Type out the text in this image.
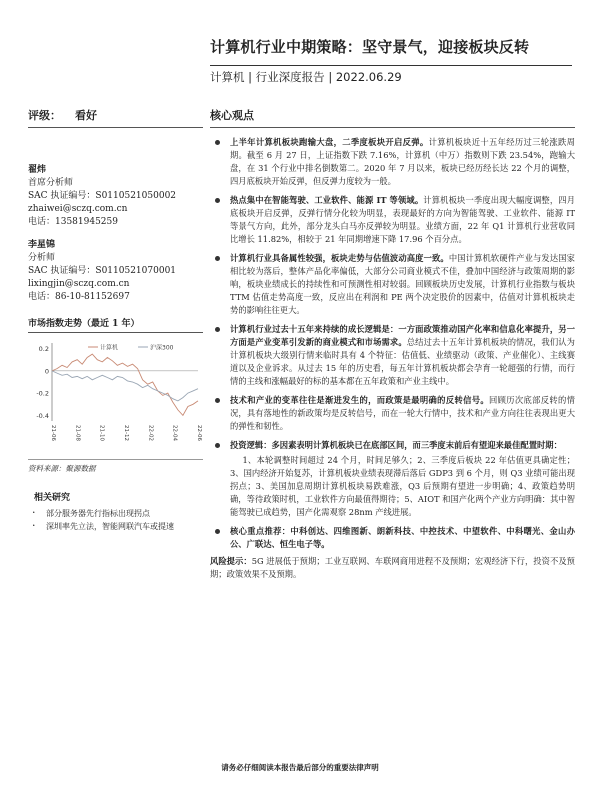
计算机行业中期策略：坚守景气，迎接板块反转
计算机 | 行业深度报告 | 2022.06.29
评级： 看好
翟炜
首席分析师
SAC 执证编号：S0110521050002
zhaiwei@sczq.com.cn
电话：13581945259
李星锦
分析师
SAC 执证编号：S0110521070001
lixingjin@sczq.com.cn
电话：86-10-81152697
市场指数走势（最近 1 年）
0.2
0
-0.2
-0.4
21-06	21-08	21-10	21-12	22-02	22-04	22-06
计算机	沪深300
资料来源：聚源数据
相关研究
· 部分服务器先行指标出现拐点
· 深圳率先立法，智能网联汽车或提速
核心观点
上半年计算机板块跑输大盘，二季度板块开启反弹。计算机板块近十五年经历过三轮涨跌周期。截至 6 月 27 日，上证指数下跌 7.16%，计算机（中万）指数则下跌 23.54%，跑输大盘，在 31 个行业中排名倒数第二。2020 年 7 月以来，板块已经历经长达 22 个月的调整，四月底板块开始反弹，但反弹力度较为一般。
热点集中在智能驾驶、工业软件、能源 IT 等领域。计算机板块一季度出现大幅度调整，四月底板块开启反弹，反弹行情分化较为明显，表现最好的方向为智能驾驶、工业软件、能源 IT 等景气方向，此外，部分龙头白马亦反弹较为明显。业绩方面，22 年 Q1 计算机行业营收同比增长 11.82%，相较于 21 年同期增速下降 17.96 个百分点。
计算机行业具备属性较强，板块走势与估值波动高度一致。中国计算机软硬件产业与发达国家相比较为落后，整体产品化率偏低，大部分公司商业模式不佳，叠加中国经济与政策周期的影响，板块业绩成长的持续性和可预测性相对较弱。回顾板块历史发展，计算机行业指数与板块 TTM 估值走势高度一致，反应出在利润和 PE 两个决定股价的因素中，估值对计算机板块走势的影响往往更大。
计算机行业过去十五年来持续的成长逻辑是：一方面政策推动国产化率和信息化率提升，另一方面是产业变革引发新的商业模式和市场需求。总结过去十五年计算机板块的情况，我们认为计算机板块大级别行情来临时具有 4 个特征：估值低、业绩驱动（政策、产业催化）、主线赛道以及企业诉求。从过去 15 年的历史看，每五年计算机板块都会孕育一轮超强的行情，而行情的主线和涨幅最好的标的基本都在五年政策和产业主线中。
技术和产业的变革往往是渐进发生的，而政策是最明确的反转信号。回顾历次底部反转的情况，具有落地性的新政策均是反转信号，而在一轮大行情中，技术和产业方向往往表现出更大的弹性和韧性。
投资逻辑：多因素表明计算机板块已在底部区间，而三季度末前后有望迎来最佳配置时期：
1、本轮调整时间超过 24 个月，时间足够久；2、三季度后板块 22 年估值更具确定性；3、国内经济开始复苏，计算机板块业绩表现滞后落后 GDP3 到 6 个月，则 Q3 业绩可能出现拐点；3、美国加息周期计算机板块易跌难涨，Q3 后预期有望进一步明确；4、政策趋势明确，等待政策时机，工业软件方向最值得期待；5、AIOT 和国产化两个产业方向明确：其中智能驾驶已成趋势，国产化需观察 28nm 产线进展。
核心重点推荐：中科创达、四维图新、朗新科技、中控技术、中望软件、中科曙光、金山办公、广联达、恒生电子等。
风险提示：5G 进展低于预期；工业互联网、车联网商用进程不及预期；宏观经济下行，投资不及预期；政策效果不及预期。
请务必仔细阅读本报告最后部分的重要法律声明
